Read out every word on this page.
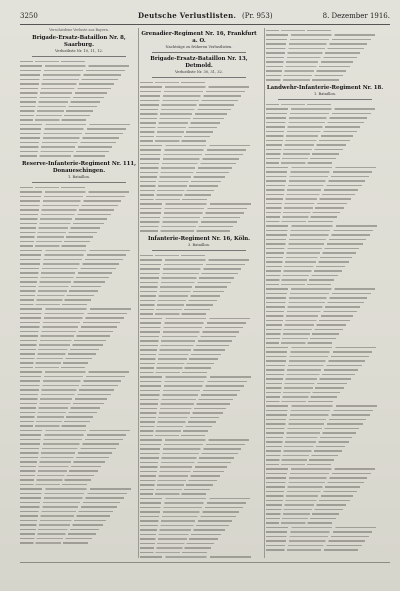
3250	Deutsche Verlustlisten. (Pr. 953)	8. Dezember 1916.
Verschiedene Verluste aus Bayern.
Brigade-Ersatz-Bataillon Nr. 8, Saarburg.
Verlustliste Nr. 10, 11, 12.
Reserve-Infanterie-Regiment Nr. 111, Donaueschingen.
1. Bataillon.
Grenadier-Regiment Nr. 16, Frankfurt a. O.
Nachträge zu früheren Verlustlisten.
Brigade-Ersatz-Bataillon Nr. 13, Detmold.
Verlustliste Nr. 30, 31, 32.
Infanterie-Regiment Nr. 16, Köln.
3. Bataillon.
Landwehr-Infanterie-Regiment Nr. 18.
1. Bataillon.
